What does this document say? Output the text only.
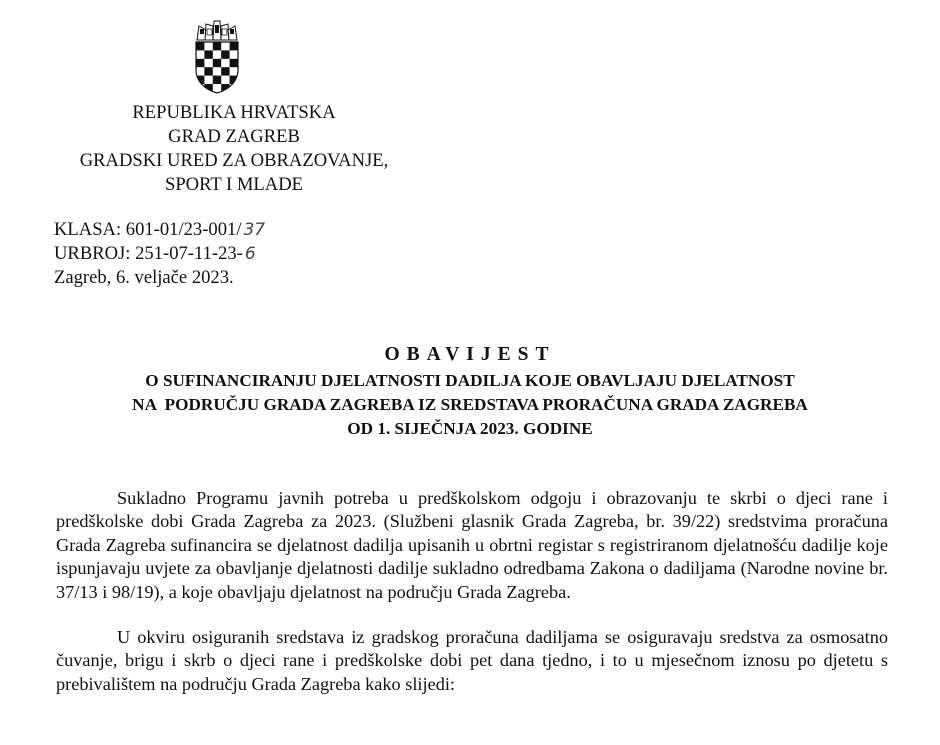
REPUBLIKA HRVATSKA
GRAD ZAGREB
GRADSKI URED ZA OBRAZOVANJE,
SPORT I MLADE
KLASA: 601-01/23-001/ 37
URBROJ: 251-07-11-23- 6
Zagreb, 6. veljače 2023.
OBAVIJEST
O SUFINANCIRANJU DJELATNOSTI DADILJA KOJE OBAVLJAJU DJELATNOST
NA  PODRUČJU GRADA ZAGREBA IZ SREDSTAVA PRORAČUNA GRADA ZAGREBA
OD 1. SIJEČNJA 2023. GODINE

Sukladno Programu javnih potreba u predškolskom odgoju i obrazovanju te skrbi o djeci rane i predškolske dobi Grada Zagreba za 2023. (Službeni glasnik Grada Zagreba, br. 39/22) sredstvima proračuna Grada Zagreba sufinancira se djelatnost dadilja upisanih u obrtni registar s registriranom djelatnošću dadilje koje ispunjavaju uvjete za obavljanje djelatnosti dadilje sukladno odredbama Zakona o dadiljama (Narodne novine br. 37/13 i 98/19), a koje obavljaju djelatnost na području Grada Zagreba.

U okviru osiguranih sredstava iz gradskog proračuna dadiljama se osiguravaju sredstva za osmosatno čuvanje, brigu i skrb o djeci rane i predškolske dobi pet dana tjedno, i to u mjesečnom iznosu po djetetu s prebivalištem na području Grada Zagreba kako slijedi:
